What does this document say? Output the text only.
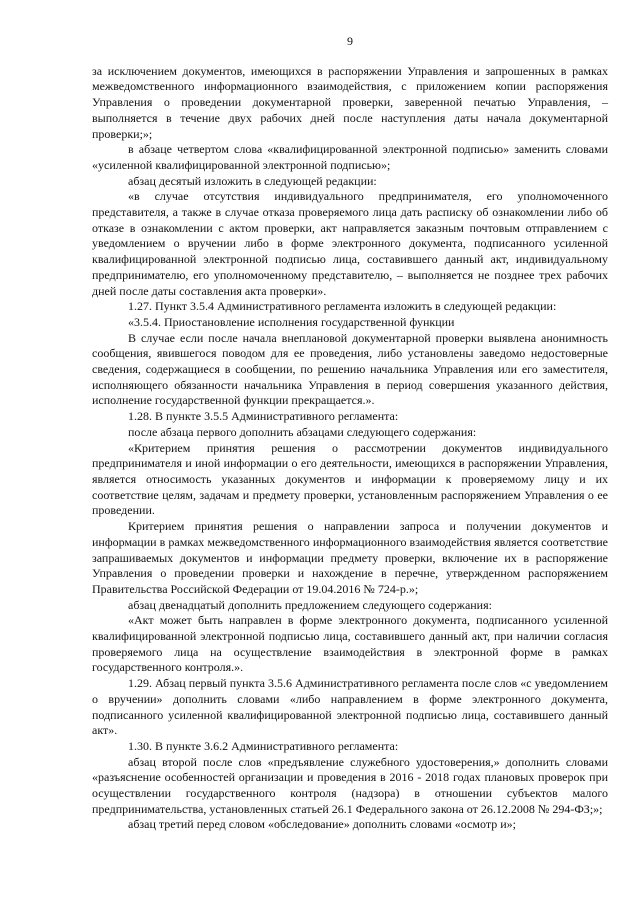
9

за исключением документов, имеющихся в распоряжении Управления и запрошенных в рамках межведомственного информационного взаимодействия, с приложением копии распоряжения Управления о проведении документарной проверки, заверенной печатью Управления, – выполняется в течение двух рабочих дней после наступления даты начала документарной проверки;»;

в абзаце четвертом слова «квалифицированной электронной подписью» заменить словами «усиленной квалифицированной электронной подписью»;

абзац десятый изложить в следующей редакции:

«в случае отсутствия индивидуального предпринимателя, его уполномоченного представителя, а также в случае отказа проверяемого лица дать расписку об ознакомлении либо об отказе в ознакомлении с актом проверки, акт направляется заказным почтовым отправлением с уведомлением о вручении либо в форме электронного документа, подписанного усиленной квалифицированной электронной подписью лица, составившего данный акт, индивидуальному предпринимателю, его уполномоченному представителю, – выполняется не позднее трех рабочих дней после даты составления акта проверки».

1.27. Пункт 3.5.4 Административного регламента изложить в следующей редакции:

«3.5.4. Приостановление исполнения государственной функции

В случае если после начала внеплановой документарной проверки выявлена анонимность сообщения, явившегося поводом для ее проведения, либо установлены заведомо недостоверные сведения, содержащиеся в сообщении, по решению начальника Управления или его заместителя, исполняющего обязанности начальника Управления в период совершения указанного действия, исполнение государственной функции прекращается.».

1.28. В пункте 3.5.5 Административного регламента:

после абзаца первого дополнить абзацами следующего содержания:

«Критерием принятия решения о рассмотрении документов индивидуального предпринимателя и иной информации о его деятельности, имеющихся в распоряжении Управления, является относимость указанных документов и информации к проверяемому лицу и их соответствие целям, задачам и предмету проверки, установленным распоряжением Управления о ее проведении.

Критерием принятия решения о направлении запроса и получении документов и информации в рамках межведомственного информационного взаимодействия является соответствие запрашиваемых документов и информации предмету проверки, включение их в распоряжение Управления о проведении проверки и нахождение в перечне, утвержденном распоряжением Правительства Российской Федерации от 19.04.2016 № 724-р.»;

абзац двенадцатый дополнить предложением следующего содержания:

«Акт может быть направлен в форме электронного документа, подписанного усиленной квалифицированной электронной подписью лица, составившего данный акт, при наличии согласия проверяемого лица на осуществление взаимодействия в электронной форме в рамках государственного контроля.».

1.29. Абзац первый пункта 3.5.6 Административного регламента после слов «с уведомлением о вручении» дополнить словами «либо направлением в форме электронного документа, подписанного усиленной квалифицированной электронной подписью лица, составившего данный акт».

1.30. В пункте 3.6.2 Административного регламента:

абзац второй после слов «предъявление служебного удостоверения,» дополнить словами «разъяснение особенностей организации и проведения в 2016 - 2018 годах плановых проверок при осуществлении государственного контроля (надзора) в отношении субъектов малого предпринимательства, установленных статьей 26.1 Федерального закона от 26.12.2008 № 294-ФЗ;»;

абзац третий перед словом «обследование» дополнить словами «осмотр и»;
